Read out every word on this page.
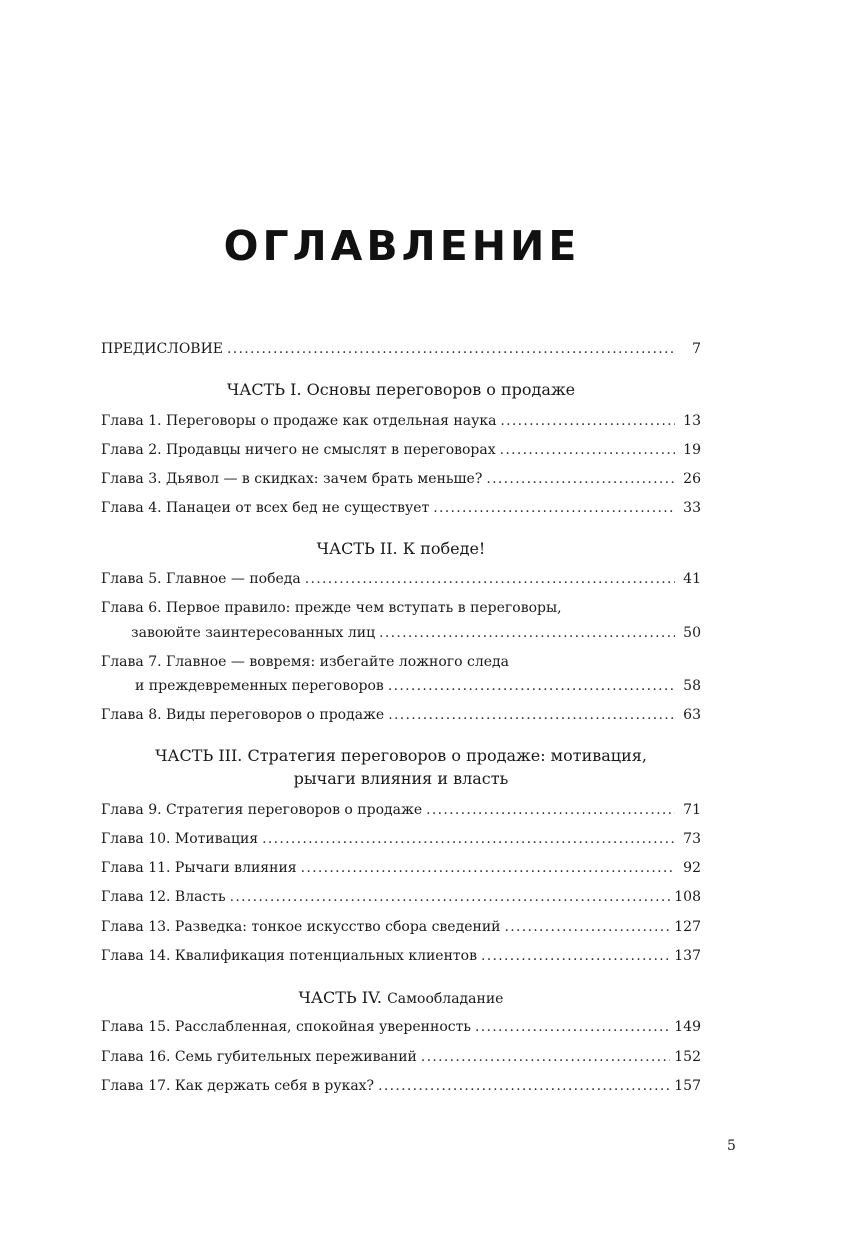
ОГЛАВЛЕНИЕ
ПРЕДИСЛОВИЕ .....	7
ЧАСТЬ I. Основы переговоров о продаже
Глава 1. Переговоры о продаже как отдельная наука .....	13
Глава 2. Продавцы ничего не смыслят в переговорах .....	19
Глава 3. Дьявол — в скидках: зачем брать меньше? .....	26
Глава 4. Панацеи от всех бед не существует .....	33
ЧАСТЬ II. К победе!
Глава 5. Главное — победа .....	41
Глава 6. Первое правило: прежде чем вступать в переговоры,
завоюйте заинтересованных лиц .....	50
Глава 7. Главное — вовремя: избегайте ложного следа
и преждевременных переговоров .....	58
Глава 8. Виды переговоров о продаже .....	63
ЧАСТЬ III. Стратегия переговоров о продаже: мотивация,
рычаги влияния и власть
Глава 9. Стратегия переговоров о продаже .....	71
Глава 10. Мотивация .....	73
Глава 11. Рычаги влияния .....	92
Глава 12. Власть .....	108
Глава 13. Разведка: тонкое искусство сбора сведений .....	127
Глава 14. Квалификация потенциальных клиентов .....	137
ЧАСТЬ IV. Самообладание
Глава 15. Расслабленная, спокойная уверенность .....	149
Глава 16. Семь губительных переживаний .....	152
Глава 17. Как держать себя в руках? .....	157
5
